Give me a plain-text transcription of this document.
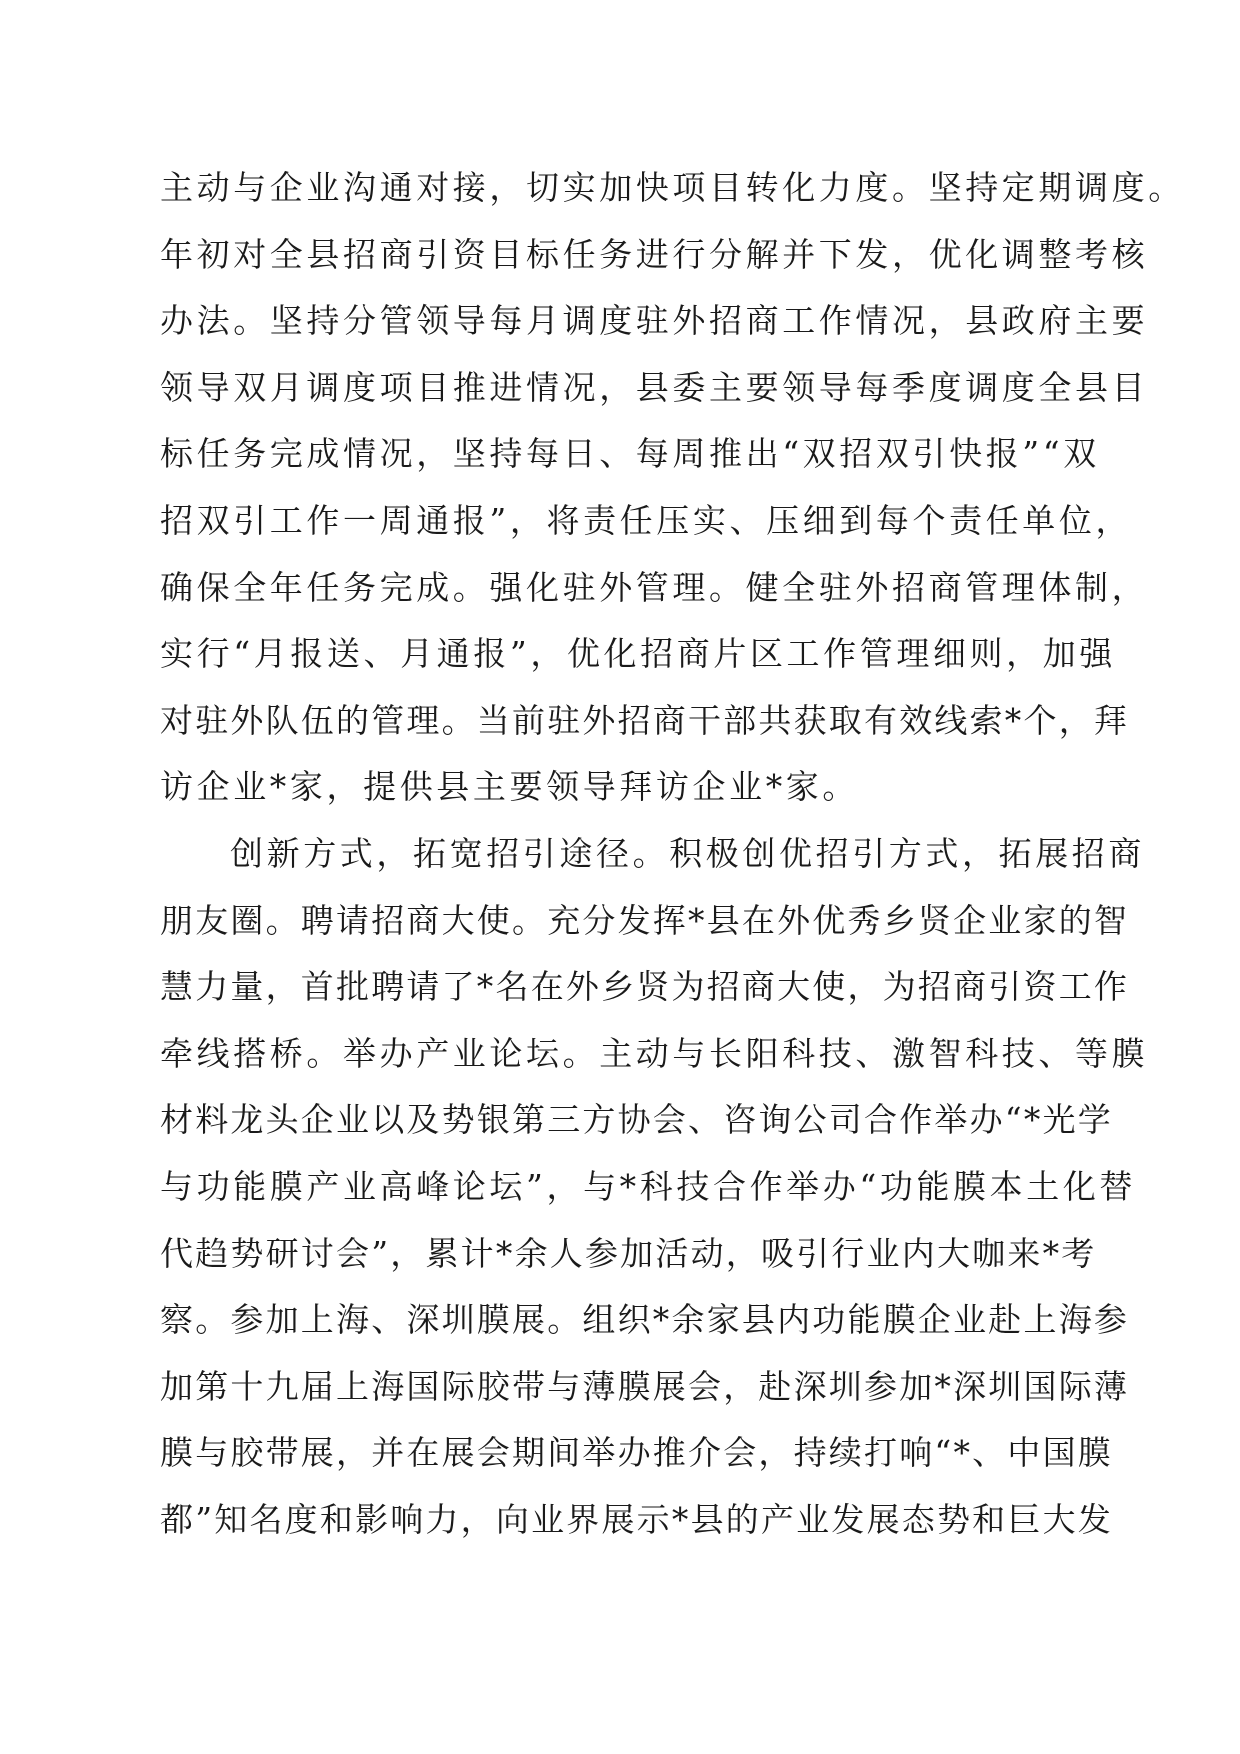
主动与企业沟通对接，切实加快项目转化力度。坚持定期调度。
年初对全县招商引资目标任务进行分解并下发，优化调整考核
办法。坚持分管领导每月调度驻外招商工作情况，县政府主要
领导双月调度项目推进情况，县委主要领导每季度调度全县目
标任务完成情况，坚持每日、每周推出“双招双引快报”“双
招双引工作一周通报”，将责任压实、压细到每个责任单位，
确保全年任务完成。强化驻外管理。健全驻外招商管理体制，
实行“月报送、月通报”，优化招商片区工作管理细则，加强
对驻外队伍的管理。当前驻外招商干部共获取有效线索*个，拜
访企业*家，提供县主要领导拜访企业*家。
创新方式，拓宽招引途径。积极创优招引方式，拓展招商
朋友圈。聘请招商大使。充分发挥*县在外优秀乡贤企业家的智
慧力量，首批聘请了*名在外乡贤为招商大使，为招商引资工作
牵线搭桥。举办产业论坛。主动与长阳科技、激智科技、等膜
材料龙头企业以及势银第三方协会、咨询公司合作举办“*光学
与功能膜产业高峰论坛”，与*科技合作举办“功能膜本土化替
代趋势研讨会”，累计*余人参加活动，吸引行业内大咖来*考
察。参加上海、深圳膜展。组织*余家县内功能膜企业赴上海参
加第十九届上海国际胶带与薄膜展会，赴深圳参加*深圳国际薄
膜与胶带展，并在展会期间举办推介会，持续打响“*、中国膜
都”知名度和影响力，向业界展示*县的产业发展态势和巨大发
